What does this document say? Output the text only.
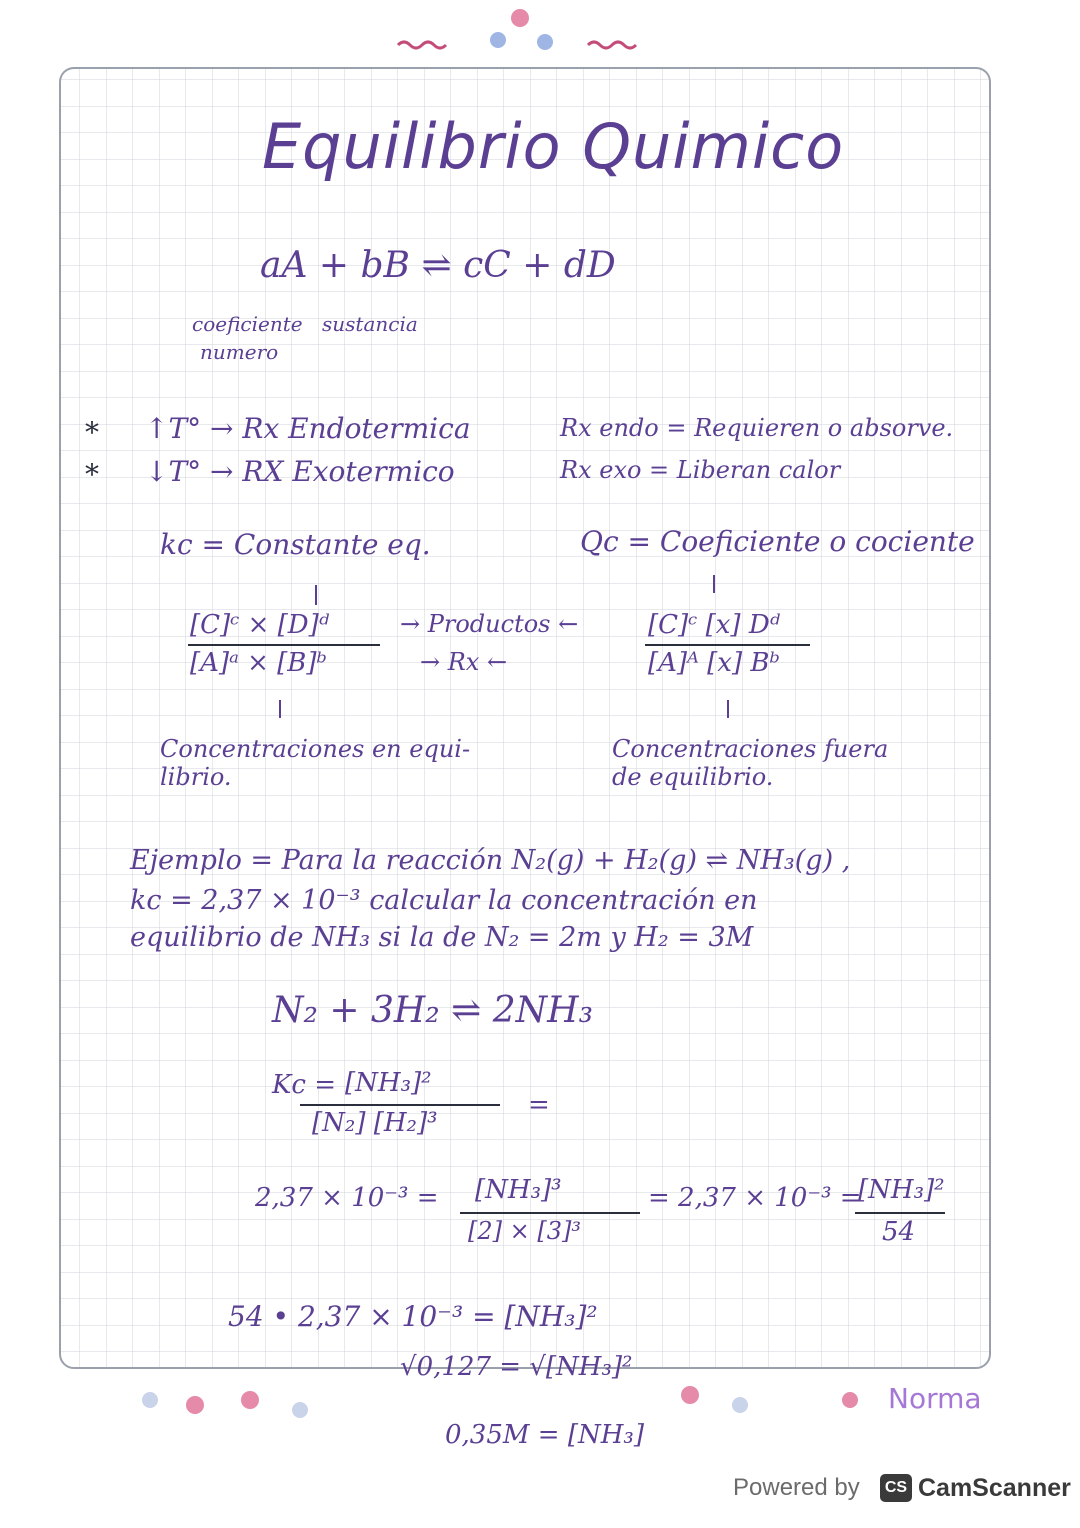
Equilibrio Quimico
aA + bB ⇌ cC + dD
coeficiente sustancia
numero
* ↑T° → Rx Endotermica	Rx endo = Requieren o absorve.
* ↓T° → RX Exotermico	Rx exo = Liberan calor
kc = Constante eq.	Qc = Coeficiente o cociente
[C]ᶜ × [D]ᵈ
[A]ᵃ × [B]ᵇ
→ Productos ←
→ Rx ←
[C]ᶜ [x] Dᵈ
[A]ᴬ [x] Bᵇ
Concentraciones en equi- librio.
Concentraciones fuera de equilibrio.
Ejemplo = Para la reacción N₂(g) + H₂(g) ⇌ NH₃(g) ,
kc = 2,37 × 10⁻³ calcular la concentración en
equilibrio de NH₃ si la de N₂ = 2m y H₂ = 3M
N₂ + 3H₂ ⇌ 2NH₃
Kc = [NH₃]²
[N₂] [H₂]³
=
2,37 × 10⁻³ = [NH₃]³
[2] × [3]³
= 2,37 × 10⁻³ =
[NH₃]²
54
54 • 2,37 × 10⁻³ = [NH₃]²
√0,127 = √[NH₃]²
0,35M = [NH₃]
Norma
Powered by	CS CamScanner
